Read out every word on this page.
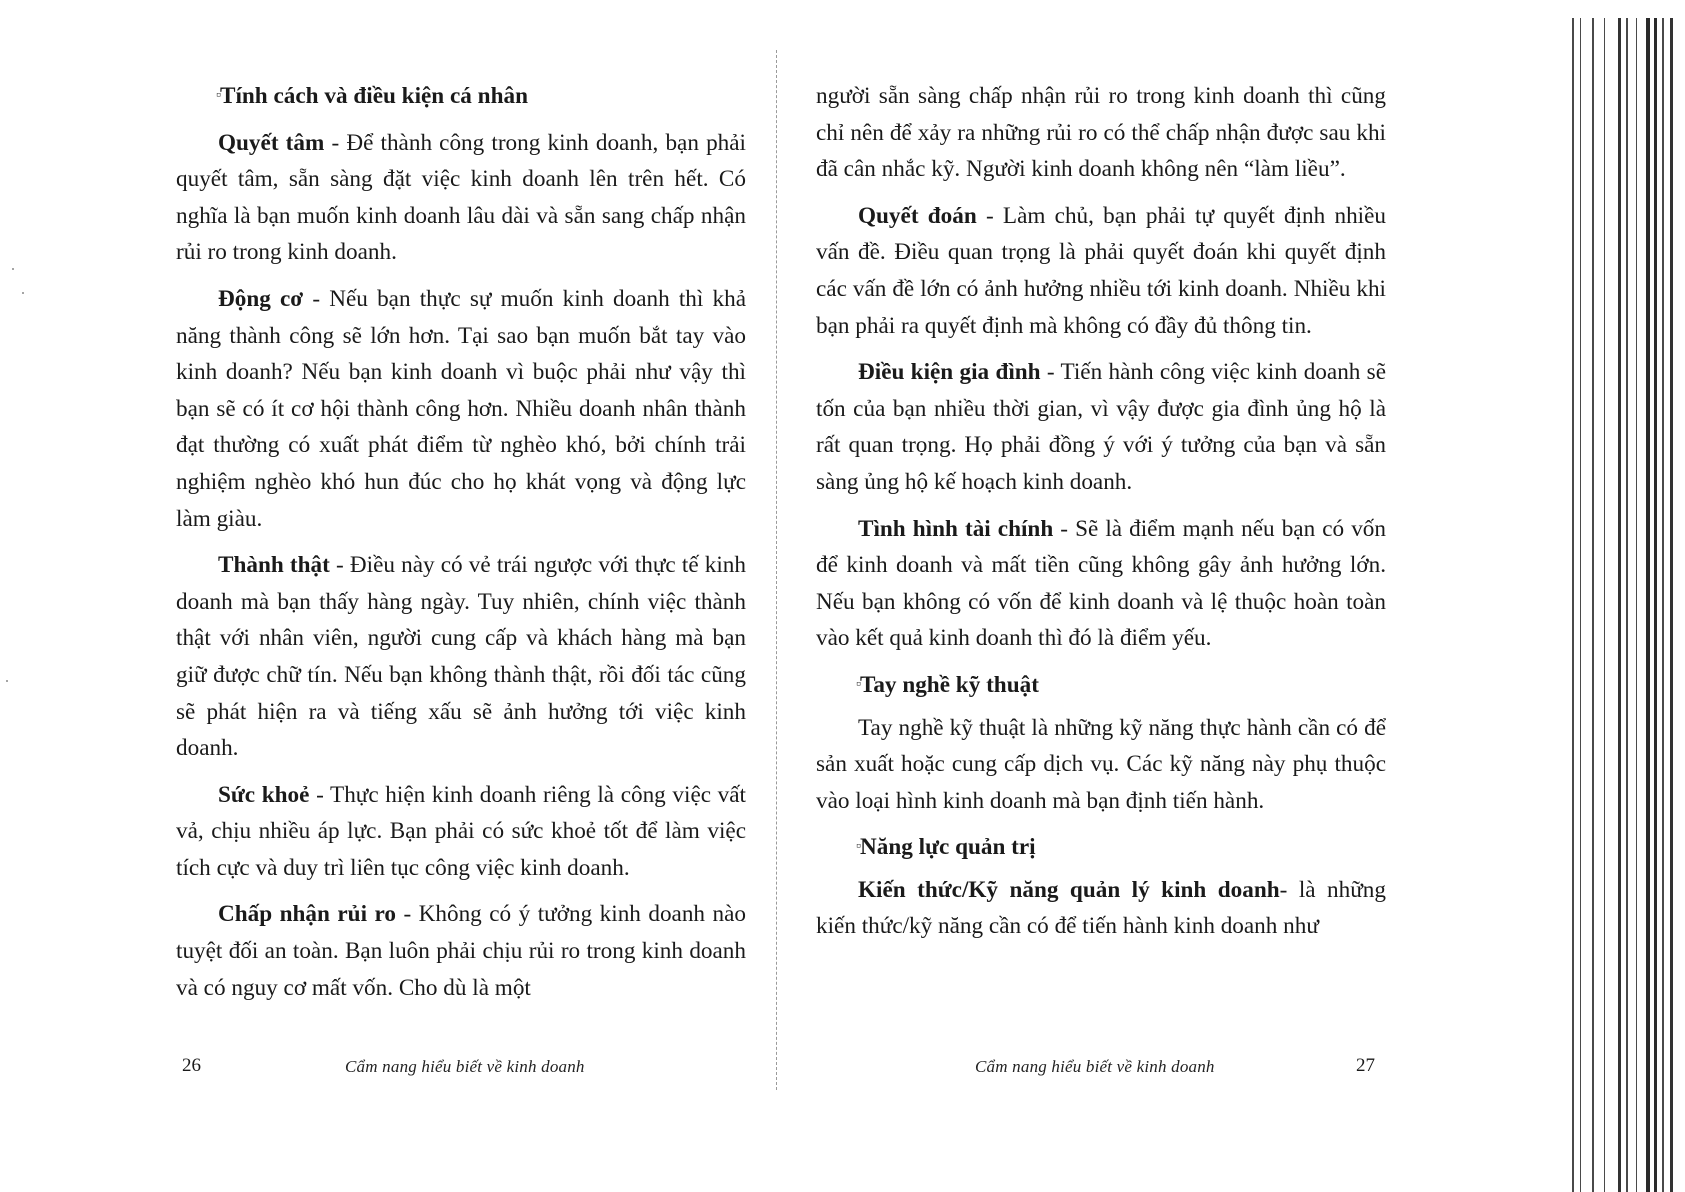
▫ Tính cách và điều kiện cá nhân

Quyết tâm - Để thành công trong kinh doanh, bạn phải quyết tâm, sẵn sàng đặt việc kinh doanh lên trên hết. Có nghĩa là bạn muốn kinh doanh lâu dài và sẵn sang chấp nhận rủi ro trong kinh doanh.

Động cơ - Nếu bạn thực sự muốn kinh doanh thì khả năng thành công sẽ lớn hơn. Tại sao bạn muốn bắt tay vào kinh doanh? Nếu bạn kinh doanh vì buộc phải như vậy thì bạn sẽ có ít cơ hội thành công hơn. Nhiều doanh nhân thành đạt thường có xuất phát điểm từ nghèo khó, bởi chính trải nghiệm nghèo khó hun đúc cho họ khát vọng và động lực làm giàu.

Thành thật - Điều này có vẻ trái ngược với thực tế kinh doanh mà bạn thấy hàng ngày. Tuy nhiên, chính việc thành thật với nhân viên, người cung cấp và khách hàng mà bạn giữ được chữ tín. Nếu bạn không thành thật, rồi đối tác cũng sẽ phát hiện ra và tiếng xấu sẽ ảnh hưởng tới việc kinh doanh.

Sức khoẻ - Thực hiện kinh doanh riêng là công việc vất vả, chịu nhiều áp lực. Bạn phải có sức khoẻ tốt để làm việc tích cực và duy trì liên tục công việc kinh doanh.

Chấp nhận rủi ro - Không có ý tưởng kinh doanh nào tuyệt đối an toàn. Bạn luôn phải chịu rủi ro trong kinh doanh và có nguy cơ mất vốn. Cho dù là một

26	Cẩm nang hiểu biết về kinh doanh

người sẵn sàng chấp nhận rủi ro trong kinh doanh thì cũng chỉ nên để xảy ra những rủi ro có thể chấp nhận được sau khi đã cân nhắc kỹ. Người kinh doanh không nên “làm liều”.

Quyết đoán - Làm chủ, bạn phải tự quyết định nhiều vấn đề. Điều quan trọng là phải quyết đoán khi quyết định các vấn đề lớn có ảnh hưởng nhiều tới kinh doanh. Nhiều khi bạn phải ra quyết định mà không có đầy đủ thông tin.

Điều kiện gia đình - Tiến hành công việc kinh doanh sẽ tốn của bạn nhiều thời gian, vì vậy được gia đình ủng hộ là rất quan trọng. Họ phải đồng ý với ý tưởng của bạn và sẵn sàng ủng hộ kế hoạch kinh doanh.

Tình hình tài chính - Sẽ là điểm mạnh nếu bạn có vốn để kinh doanh và mất tiền cũng không gây ảnh hưởng lớn. Nếu bạn không có vốn để kinh doanh và lệ thuộc hoàn toàn vào kết quả kinh doanh thì đó là điểm yếu.

▫ Tay nghề kỹ thuật

Tay nghề kỹ thuật là những kỹ năng thực hành cần có để sản xuất hoặc cung cấp dịch vụ. Các kỹ năng này phụ thuộc vào loại hình kinh doanh mà bạn định tiến hành.

▫ Năng lực quản trị

Kiến thức/Kỹ năng quản lý kinh doanh- là những kiến thức/kỹ năng cần có để tiến hành kinh doanh như

Cẩm nang hiểu biết về kinh doanh	27
